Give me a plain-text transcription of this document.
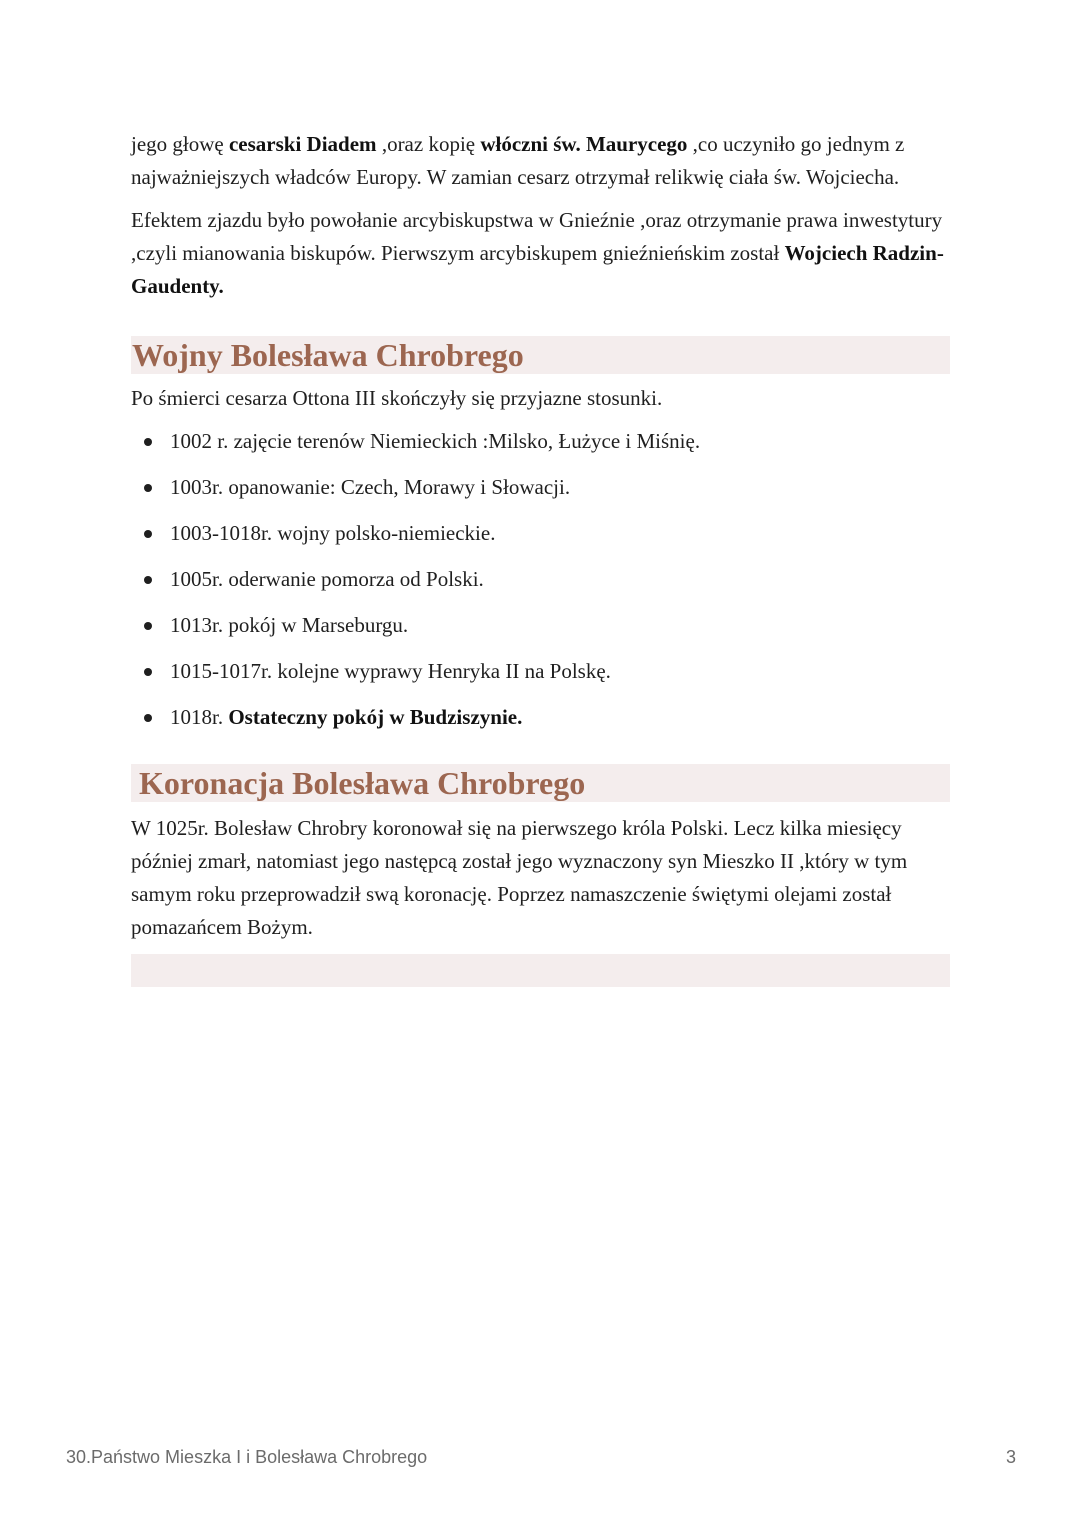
jego głowę cesarski Diadem ,oraz kopię włóczni św. Maurycego ,co uczyniło go jednym z najważniejszych władców Europy. W zamian cesarz otrzymał relikwię ciała św. Wojciecha.

Efektem zjazdu było powołanie arcybiskupstwa w Gnieźnie ,oraz otrzymanie prawa inwestytury ,czyli mianowania biskupów. Pierwszym arcybiskupem gnieźnieńskim został Wojciech Radzin-Gaudenty.

Wojny Bolesława Chrobrego

Po śmierci cesarza Ottona III skończyły się przyjazne stosunki.

1002 r. zajęcie terenów Niemieckich :Milsko, Łużyce i Miśnię.
1003r. opanowanie: Czech, Morawy i Słowacji.
1003-1018r. wojny polsko-niemieckie.
1005r. oderwanie pomorza od Polski.
1013r. pokój w Marseburgu.
1015-1017r. kolejne wyprawy Henryka II na Polskę.
1018r. Ostateczny pokój w Budziszynie.
Koronacja Bolesława Chrobrego

W 1025r. Bolesław Chrobry koronował się na pierwszego króla Polski. Lecz kilka miesięcy później zmarł, natomiast jego następcą został jego wyznaczony syn Mieszko II ,który w tym samym roku przeprowadził swą koronację. Poprzez namaszczenie świętymi olejami został pomazańcem Bożym.

30.Państwo Mieszka I i Bolesława Chrobrego	3
